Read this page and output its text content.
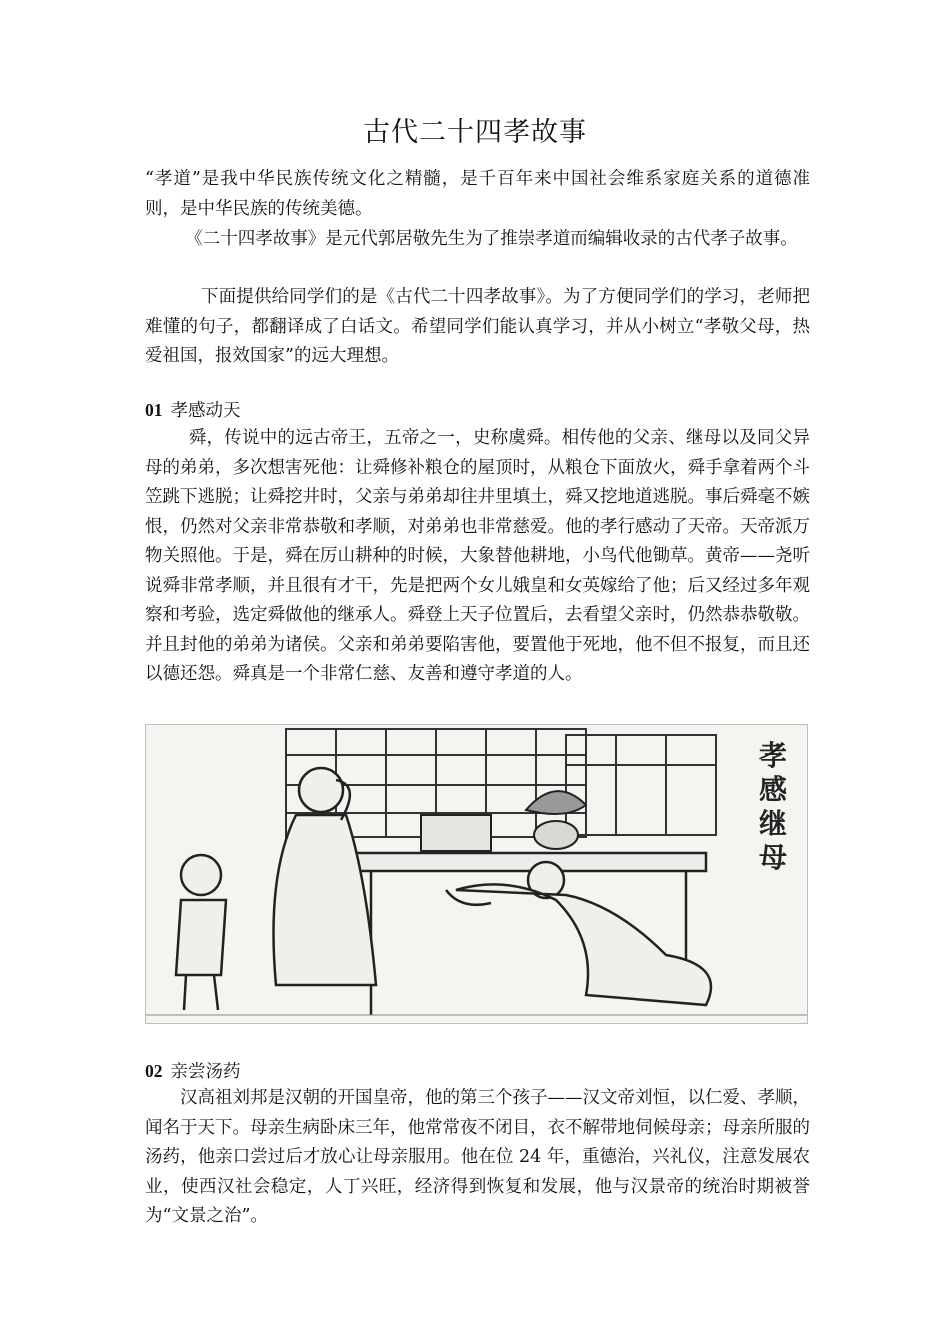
古代二十四孝故事
“孝道”是我中华民族传统文化之精髓，是千百年来中国社会维系家庭关系的道德准则，是中华民族的传统美德。
《二十四孝故事》是元代郭居敬先生为了推崇孝道而编辑收录的古代孝子故事。
下面提供给同学们的是《古代二十四孝故事》。为了方便同学们的学习，老师把难懂的句子，都翻译成了白话文。希望同学们能认真学习，并从小树立“孝敬父母，热爱祖国，报效国家”的远大理想。
01 孝感动天
舜，传说中的远古帝王，五帝之一，史称虞舜。相传他的父亲、继母以及同父异母的弟弟，多次想害死他：让舜修补粮仓的屋顶时，从粮仓下面放火，舜手拿着两个斗笠跳下逃脱；让舜挖井时，父亲与弟弟却往井里填土，舜又挖地道逃脱。事后舜毫不嫉恨，仍然对父亲非常恭敬和孝顺，对弟弟也非常慈爱。他的孝行感动了天帝。天帝派万物关照他。于是，舜在厉山耕种的时候，大象替他耕地，小鸟代他锄草。黄帝——尧听说舜非常孝顺，并且很有才干，先是把两个女儿娥皇和女英嫁给了他；后又经过多年观察和考验，选定舜做他的继承人。舜登上天子位置后，去看望父亲时，仍然恭恭敬敬。并且封他的弟弟为诸侯。父亲和弟弟要陷害他，要置他于死地，他不但不报复，而且还以德还怨。舜真是一个非常仁慈、友善和遵守孝道的人。
孝感继母
02 亲尝汤药
汉高祖刘邦是汉朝的开国皇帝，他的第三个孩子——汉文帝刘恒，以仁爱、孝顺，闻名于天下。母亲生病卧床三年，他常常夜不闭目，衣不解带地伺候母亲；母亲所服的汤药，他亲口尝过后才放心让母亲服用。他在位 24 年，重德治，兴礼仪，注意发展农业，使西汉社会稳定，人丁兴旺，经济得到恢复和发展，他与汉景帝的统治时期被誉为“文景之治”。
